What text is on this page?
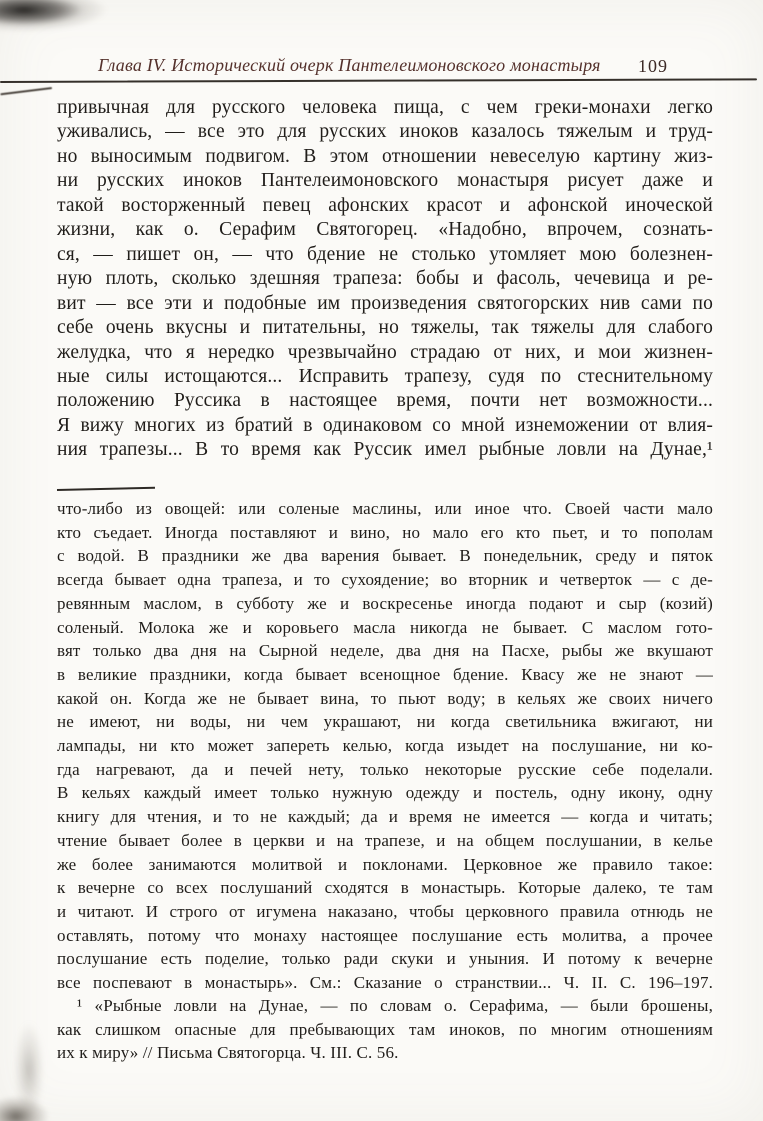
Глава IV. Исторический очерк Пантелеимоновского монастыря	109
привычная для русского человека пища, с чем греки-монахи легко
уживались, — все это для русских иноков казалось тяжелым и труд-
но выносимым подвигом. В этом отношении невеселую картину жиз-
ни русских иноков Пантелеимоновского монастыря рисует даже и
такой восторженный певец афонских красот и афонской иноческой
жизни, как о. Серафим Святогорец. «Надобно, впрочем, сознать-
ся, — пишет он, — что бдение не столько утомляет мою болезнен-
ную плоть, сколько здешняя трапеза: бобы и фасоль, чечевица и ре-
вит — все эти и подобные им произведения святогорских нив сами по
себе очень вкусны и питательны, но тяжелы, так тяжелы для слабого
желудка, что я нередко чрезвычайно страдаю от них, и мои жизнен-
ные силы истощаются... Исправить трапезу, судя по стеснительному
положению Руссика в настоящее время, почти нет возможности...
Я вижу многих из братий в одинаковом со мной изнеможении от влия-
ния трапезы... В то время как Руссик имел рыбные ловли на Дунае,¹
что-либо из овощей: или соленые маслины, или иное что. Своей части мало
кто съедает. Иногда поставляют и вино, но мало его кто пьет, и то пополам
с водой. В праздники же два варения бывает. В понедельник, среду и пяток
всегда бывает одна трапеза, и то сухоядение; во вторник и четверток — с де-
ревянным маслом, в субботу же и воскресенье иногда подают и сыр (козий)
соленый. Молока же и коровьего масла никогда не бывает. С маслом гото-
вят только два дня на Сырной неделе, два дня на Пасхе, рыбы же вкушают
в великие праздники, когда бывает всенощное бдение. Квасу же не знают —
какой он. Когда же не бывает вина, то пьют воду; в кельях же своих ничего
не имеют, ни воды, ни чем украшают, ни когда светильника вжигают, ни
лампады, ни кто может запереть келью, когда изыдет на послушание, ни ко-
гда нагревают, да и печей нету, только некоторые русские себе поделали.
В кельях каждый имеет только нужную одежду и постель, одну икону, одну
книгу для чтения, и то не каждый; да и время не имеется — когда и читать;
чтение бывает более в церкви и на трапезе, и на общем послушании, в келье
же более занимаются молитвой и поклонами. Церковное же правило такое:
к вечерне со всех послушаний сходятся в монастырь. Которые далеко, те там
и читают. И строго от игумена наказано, чтобы церковного правила отнюдь не
оставлять, потому что монаху настоящее послушание есть молитва, а прочее
послушание есть поделие, только ради скуки и уныния. И потому к вечерне
все поспевают в монастырь». См.: Сказание о странствии... Ч. II. С. 196–197.
¹ «Рыбные ловли на Дунае, — по словам о. Серафима, — были брошены,
как слишком опасные для пребывающих там иноков, по многим отношениям
их к миру» // Письма Святогорца. Ч. III. С. 56.
